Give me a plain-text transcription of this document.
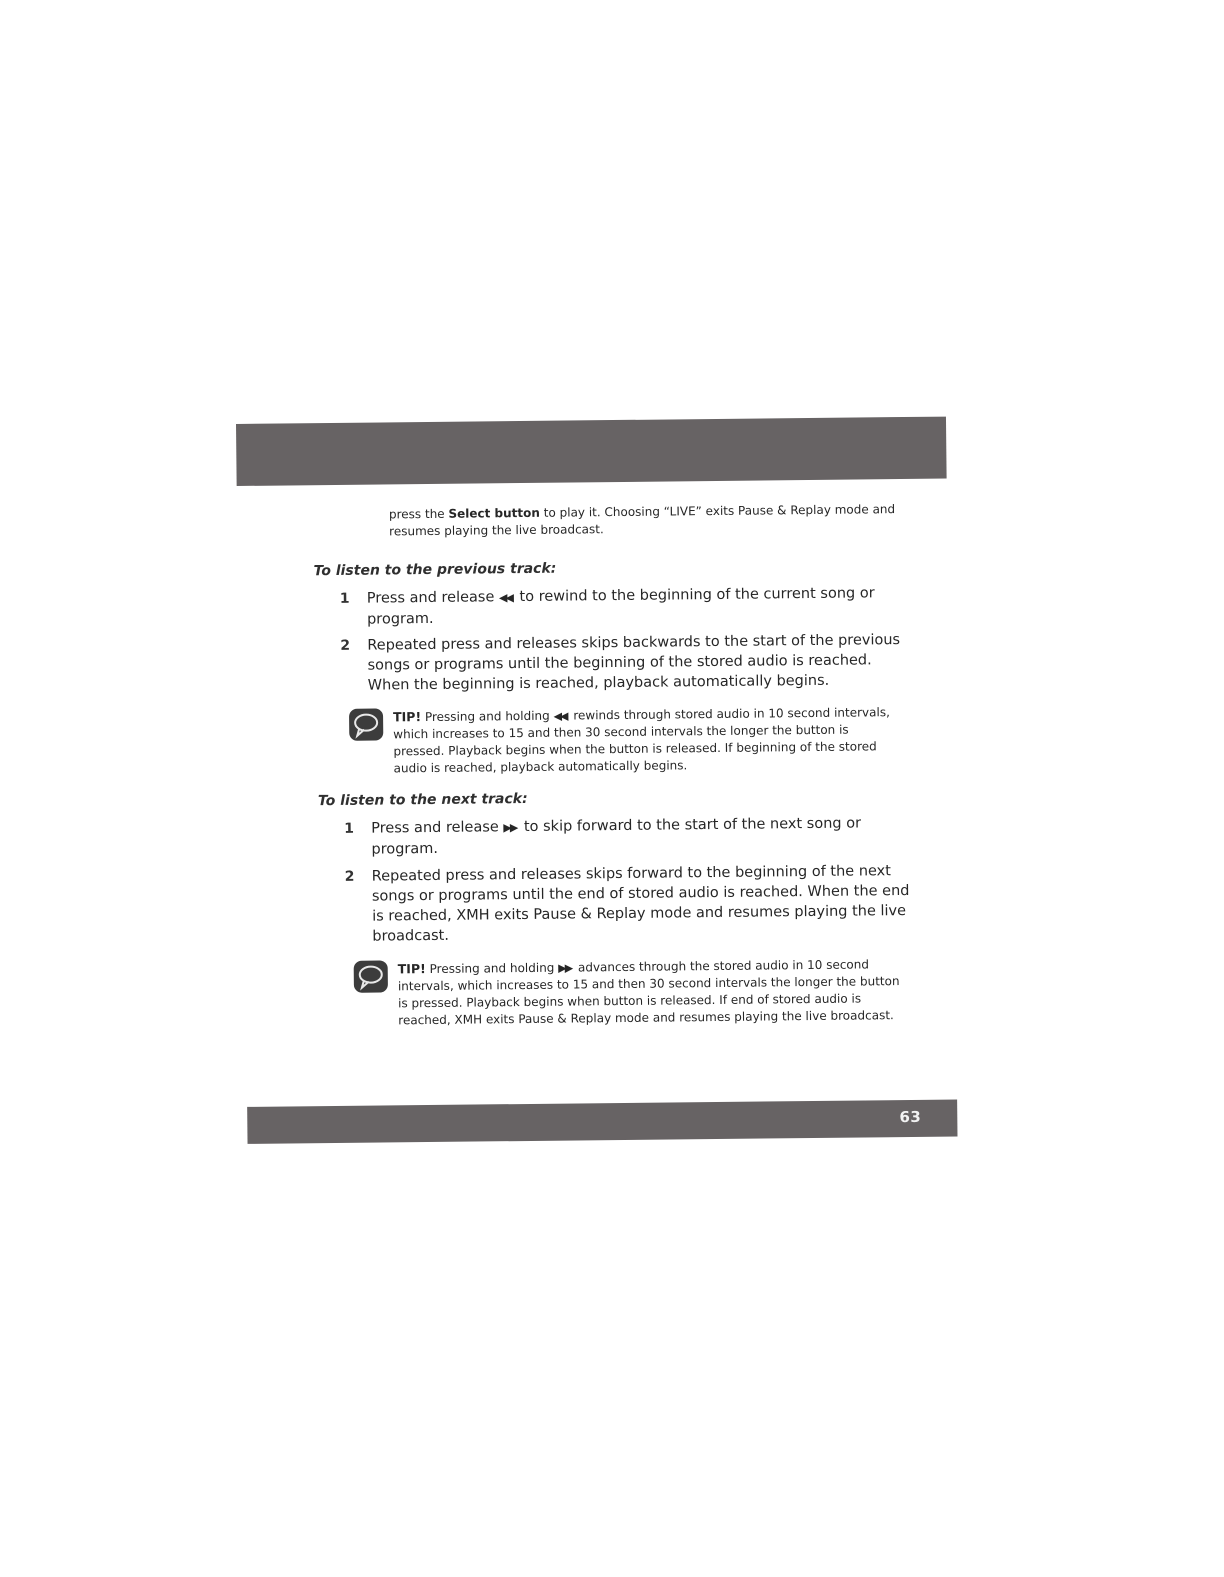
press the Select button to play it. Choosing “LIVE” exits Pause & Replay mode and resumes playing the live broadcast.
To listen to the previous track:
1 Press and release ◀◀ to rewind to the beginning of the current song or program.
2 Repeated press and releases skips backwards to the start of the previous songs or programs until the beginning of the stored audio is reached. When the beginning is reached, playback automatically begins.
TIP! Pressing and holding ◀◀ rewinds through stored audio in 10 second intervals, which increases to 15 and then 30 second intervals the longer the button is pressed. Playback begins when the button is released. If beginning of the stored audio is reached, playback automatically begins.
To listen to the next track:
1 Press and release ▶▶ to skip forward to the start of the next song or program.
2 Repeated press and releases skips forward to the beginning of the next songs or programs until the end of stored audio is reached. When the end is reached, XMH exits Pause & Replay mode and resumes playing the live broadcast.
TIP! Pressing and holding ▶▶ advances through the stored audio in 10 second intervals, which increases to 15 and then 30 second intervals the longer the button is pressed. Playback begins when button is released. If end of stored audio is reached, XMH exits Pause & Replay mode and resumes playing the live broadcast.
63
